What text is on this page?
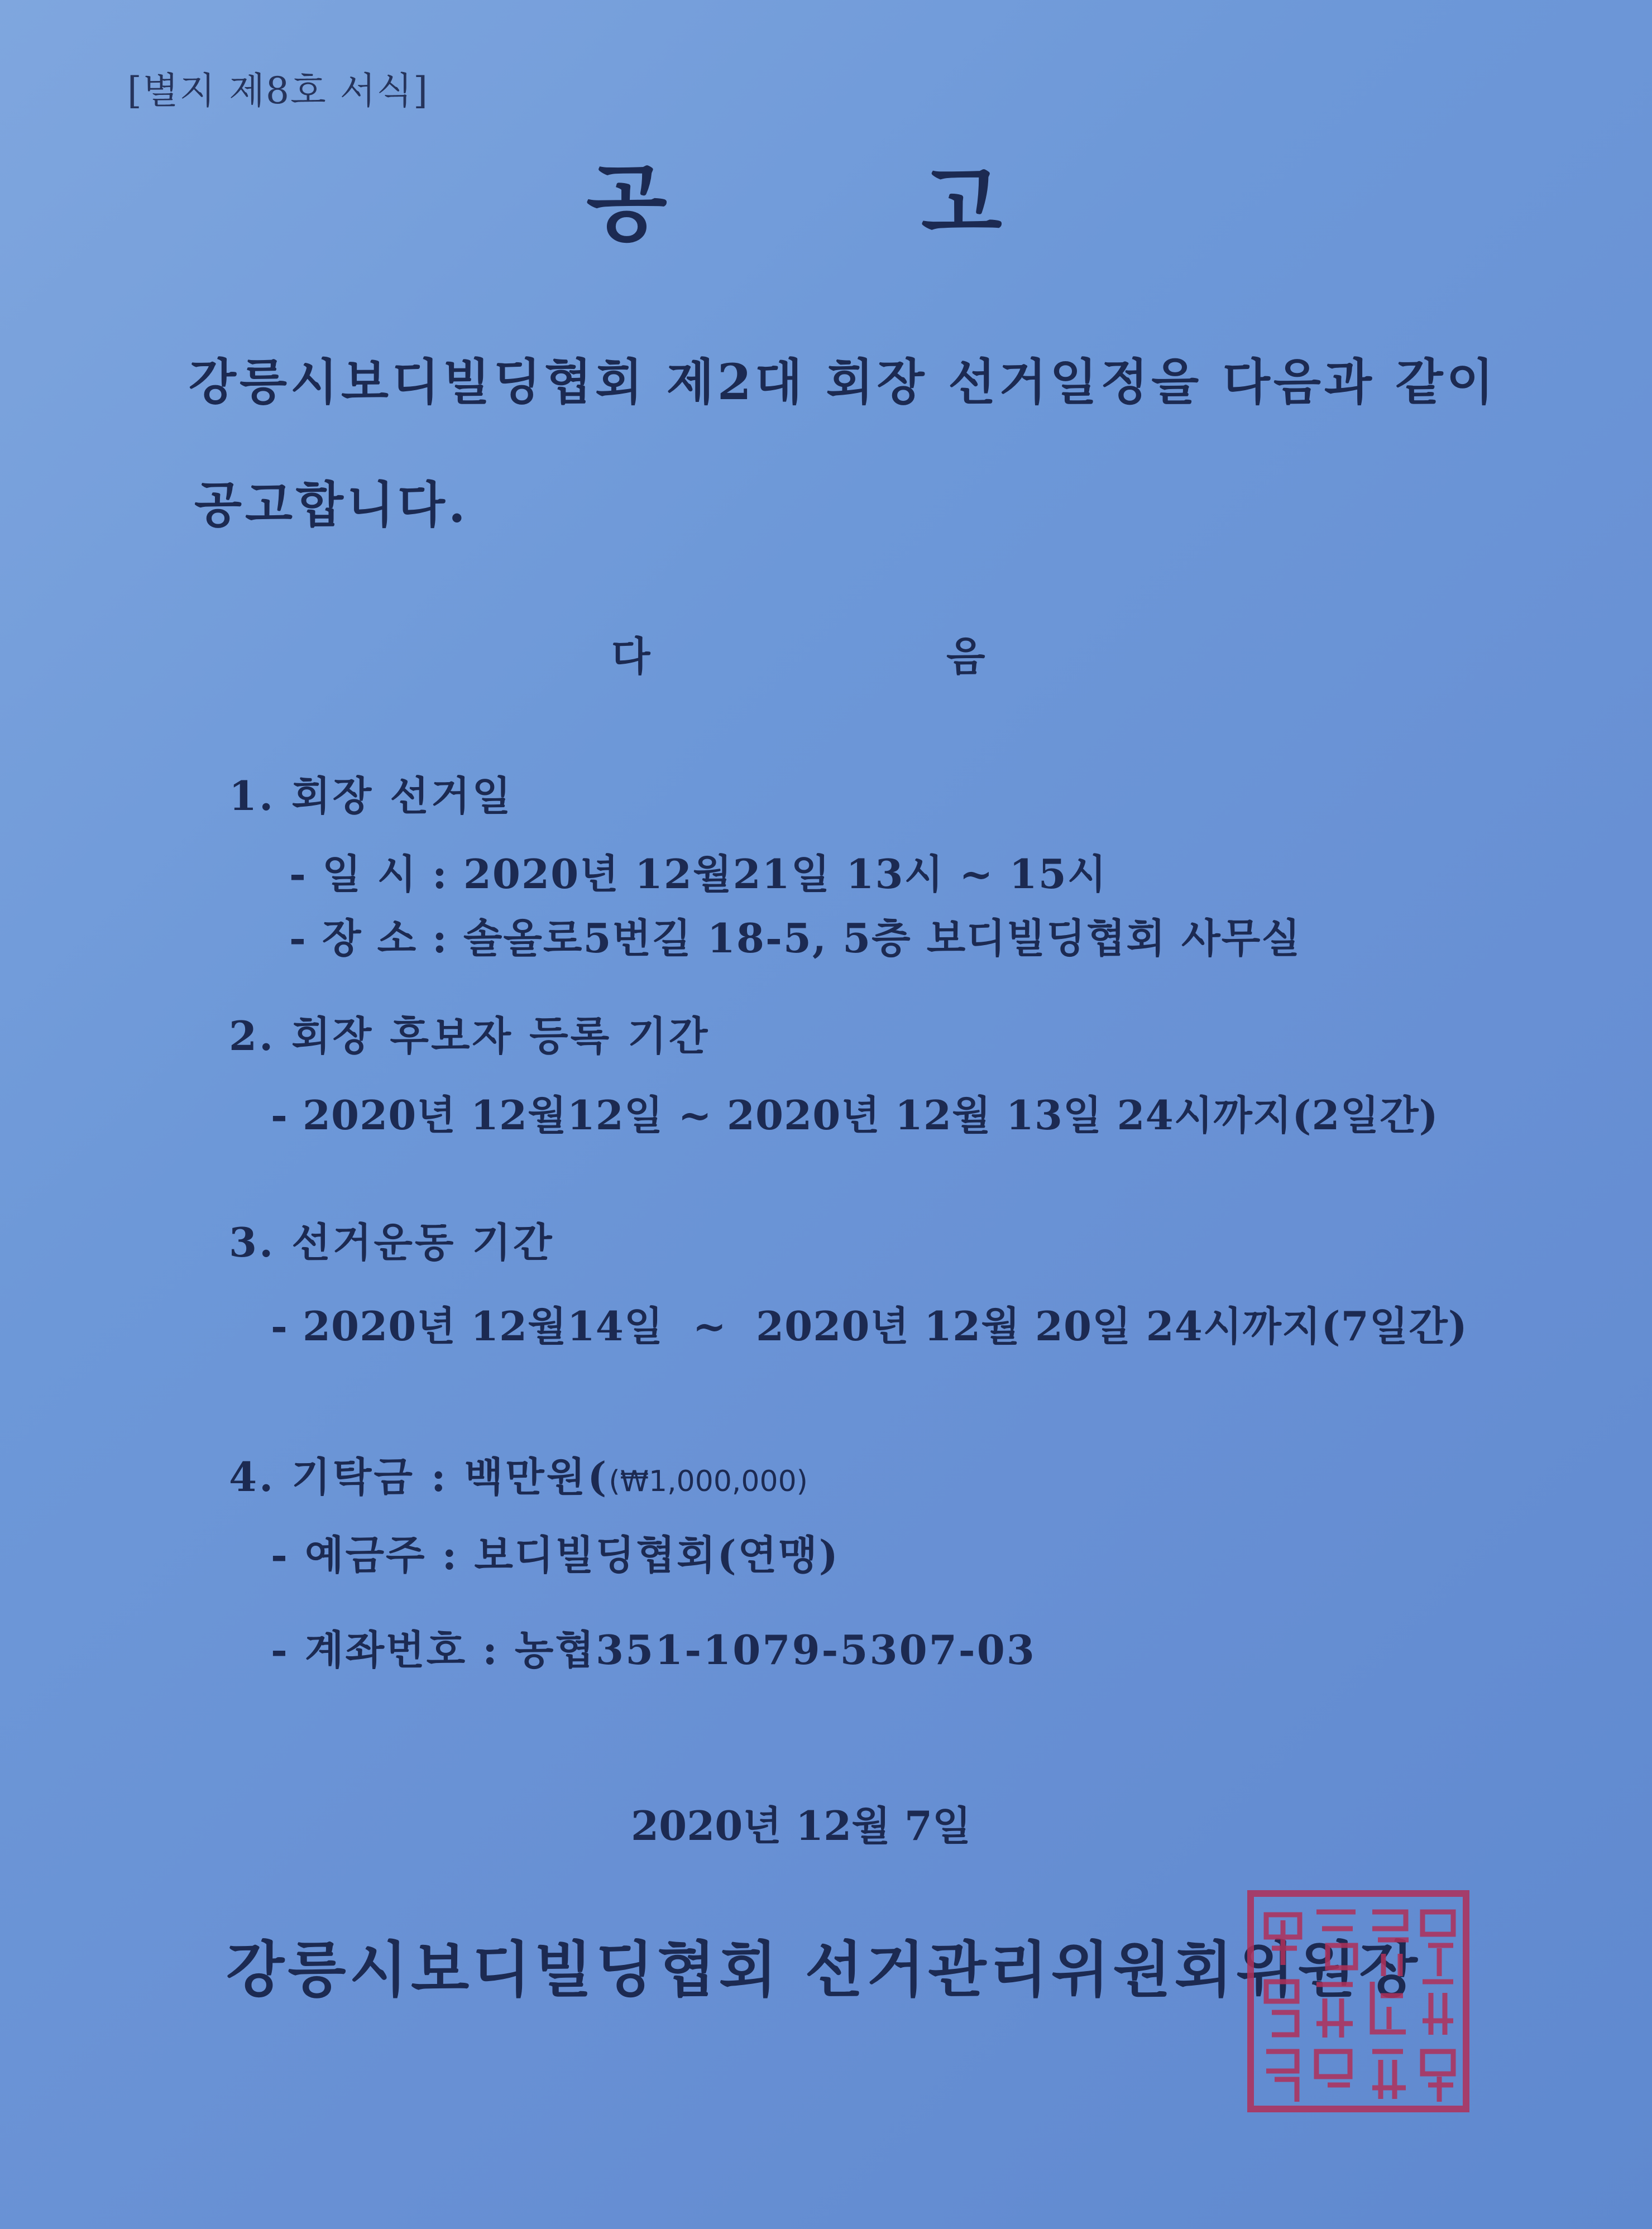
[별지 제8호 서식]
공	고
강릉시보디빌딩협회 제2대 회장 선거일정을 다음과 같이
공고합니다.
다	음
1. 회장 선거일
- 일 시 : 2020년 12월21일 13시 ~ 15시
- 장 소 : 솔올로5번길 18-5, 5층 보디빌딩협회 사무실
2. 회장 후보자 등록 기간
- 2020년 12월12일 ~ 2020년 12월 13일 24시까지(2일간)
3. 선거운동 기간
- 2020년 12월14일  ~  2020년 12월 20일 24시까지(7일간)
4. 기탁금 : 백만원((₩1,000,000)
- 예금주 : 보디빌딩협회(연맹)
- 계좌번호 : 농협351-1079-5307-03
2020년 12월 7일
강릉시보디빌딩협회 선거관리위원회위원장
강릉시보디빌딩협회선거관리위원장
